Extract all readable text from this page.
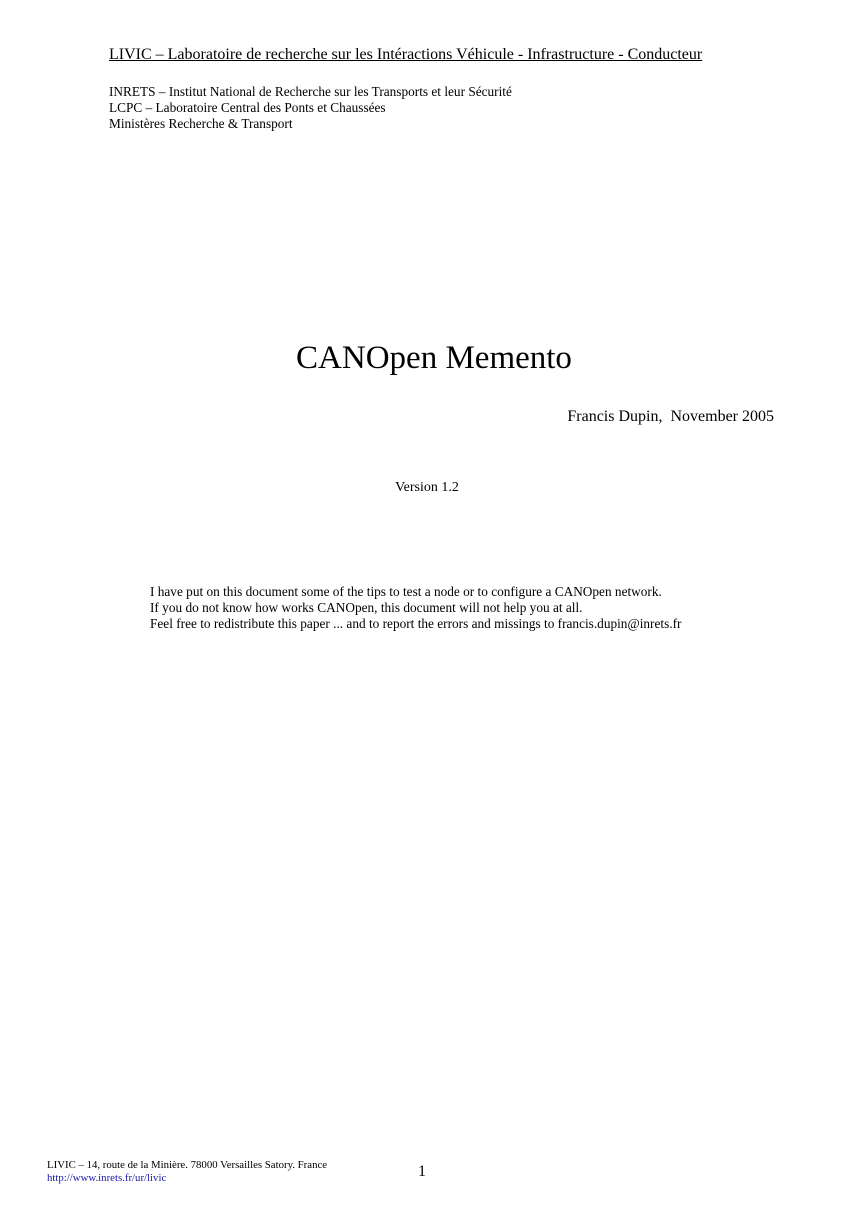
LIVIC – Laboratoire de recherche sur les Intéractions Véhicule - Infrastructure - Conducteur
INRETS – Institut National de Recherche sur les Transports et leur Sécurité
LCPC – Laboratoire Central des Ponts et Chaussées
Ministères Recherche & Transport
CANOpen Memento
Francis Dupin,  November 2005
Version 1.2
I have put on this document some of the tips to test a node or to configure a CANOpen network.
If you do not know how works CANOpen, this document will not help you at all.
Feel free to redistribute this paper ... and to report the errors and missings to francis.dupin@inrets.fr
LIVIC – 14, route de la Minière. 78000 Versailles Satory. France
http://www.inrets.fr/ur/livic	1
